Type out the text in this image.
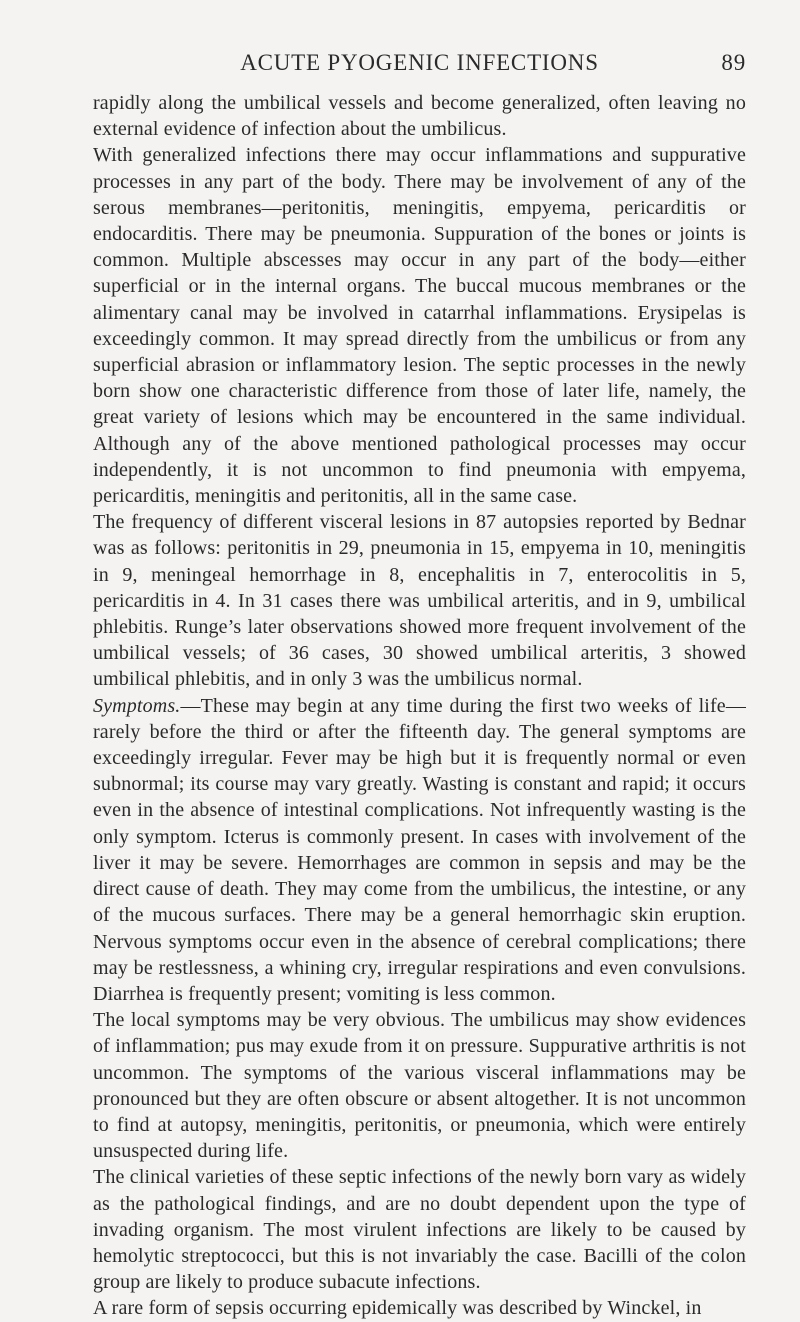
ACUTE PYOGENIC INFECTIONS	89

rapidly along the umbilical vessels and become generalized, often leaving no external evidence of infection about the umbilicus.

With generalized infections there may occur inflammations and suppurative processes in any part of the body. There may be involvement of any of the serous membranes—peritonitis, meningitis, empyema, pericarditis or endocarditis. There may be pneumonia. Suppuration of the bones or joints is common. Multiple abscesses may occur in any part of the body—either superficial or in the internal organs. The buccal mucous membranes or the alimentary canal may be involved in catarrhal inflammations. Erysipelas is exceedingly common. It may spread directly from the umbilicus or from any superficial abrasion or inflammatory lesion. The septic processes in the newly born show one characteristic difference from those of later life, namely, the great variety of lesions which may be encountered in the same individual. Although any of the above mentioned pathological processes may occur independently, it is not uncommon to find pneumonia with empyema, pericarditis, meningitis and peritonitis, all in the same case.

The frequency of different visceral lesions in 87 autopsies reported by Bednar was as follows: peritonitis in 29, pneumonia in 15, empyema in 10, meningitis in 9, meningeal hemorrhage in 8, encephalitis in 7, enterocolitis in 5, pericarditis in 4. In 31 cases there was umbilical arteritis, and in 9, umbilical phlebitis. Runge’s later observations showed more frequent involvement of the umbilical vessels; of 36 cases, 30 showed umbilical arteritis, 3 showed umbilical phlebitis, and in only 3 was the umbilicus normal.

Symptoms.—These may begin at any time during the first two weeks of life—rarely before the third or after the fifteenth day. The general symptoms are exceedingly irregular. Fever may be high but it is frequently normal or even subnormal; its course may vary greatly. Wasting is constant and rapid; it occurs even in the absence of intestinal complications. Not infrequently wasting is the only symptom. Icterus is commonly present. In cases with involvement of the liver it may be severe. Hemorrhages are common in sepsis and may be the direct cause of death. They may come from the umbilicus, the intestine, or any of the mucous surfaces. There may be a general hemorrhagic skin eruption. Nervous symptoms occur even in the absence of cerebral complications; there may be restlessness, a whining cry, irregular respirations and even convulsions. Diarrhea is frequently present; vomiting is less common.

The local symptoms may be very obvious. The umbilicus may show evidences of inflammation; pus may exude from it on pressure. Suppurative arthritis is not uncommon. The symptoms of the various visceral inflammations may be pronounced but they are often obscure or absent altogether. It is not uncommon to find at autopsy, meningitis, peritonitis, or pneumonia, which were entirely unsuspected during life.

The clinical varieties of these septic infections of the newly born vary as widely as the pathological findings, and are no doubt dependent upon the type of invading organism. The most virulent infections are likely to be caused by hemolytic streptococci, but this is not invariably the case. Bacilli of the colon group are likely to produce subacute infections.

A rare form of sepsis occurring epidemically was described by Winckel, in
